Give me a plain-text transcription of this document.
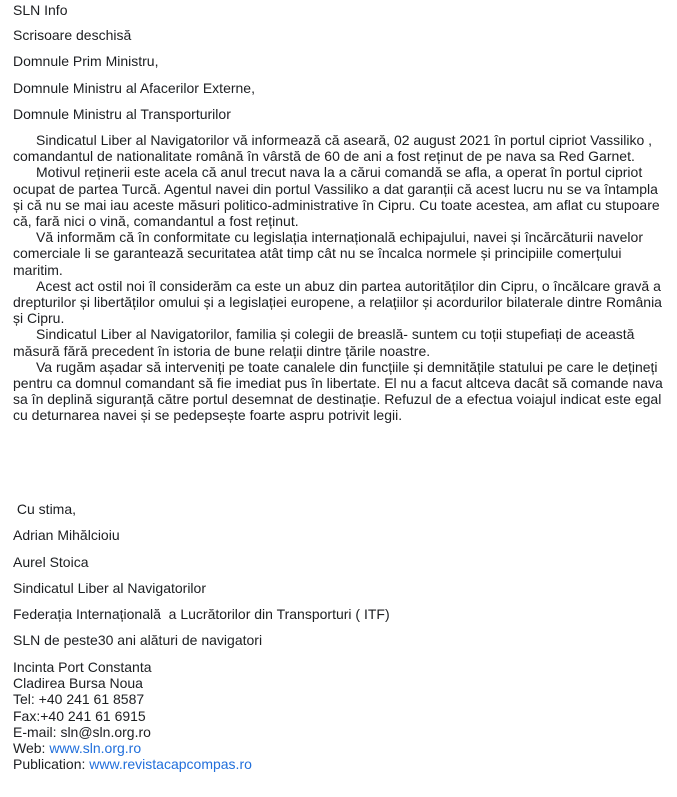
SLN Info

Scrisoare deschisă

Domnule Prim Ministru,

Domnule Ministru al Afacerilor Externe,

Domnule Ministru al Transporturilor

Sindicatul Liber al Navigatorilor vă informează că aseară, 02 august 2021 în portul cipriot Vassiliko , comandantul de nationalitate română în vârstă de 60 de ani a fost reținut de pe nava sa Red Garnet.

Motivul reținerii este acela că anul trecut nava la a cărui comandă se afla, a operat în portul cipriot ocupat de partea Turcă. Agentul navei din portul Vassiliko a dat garanții că acest lucru nu se va întampla și că nu se mai iau aceste măsuri politico-administrative în Cipru. Cu toate acestea, am aflat cu stupoare că, fară nici o vină, comandantul a fost reținut.

Vă informăm că în conformitate cu legislația internațională echipajului, navei și încărcăturii navelor comerciale li se garantează securitatea atât timp cât nu se încalca normele și principiile comerțului maritim.

Acest act ostil noi îl considerăm ca este un abuz din partea autorităților din Cipru, o încălcare gravă a drepturilor și libertăților omului și a legislației europene, a relațiilor și acordurilor bilaterale dintre România și Cipru.

Sindicatul Liber al Navigatorilor, familia și colegii de breaslă- suntem cu toții stupefiați de această măsură fără precedent în istoria de bune relații dintre țările noastre.

Va rugăm așadar să interveniți pe toate canalele din funcțiile și demnitățile statului pe care le dețineți pentru ca domnul comandant să fie imediat pus în libertate. El nu a facut altceva dacât să comande nava sa în deplină siguranță către portul desemnat de destinație. Refuzul de a efectua voiajul indicat este egal cu deturnarea navei și se pedepsește foarte aspru potrivit legii.

Cu stima,

Adrian Mihălcioiu

Aurel Stoica

Sindicatul Liber al Navigatorilor

Federația Internațională  a Lucrătorilor din Transporturi ( ITF)

SLN de peste30 ani alături de navigatori

Incinta Port Constanta

Cladirea Bursa Noua

Tel: +40 241 61 8587

Fax:+40 241 61 6915

E-mail: sln@sln.org.ro

Web: www.sln.org.ro

Publication: www.revistacapcompas.ro
